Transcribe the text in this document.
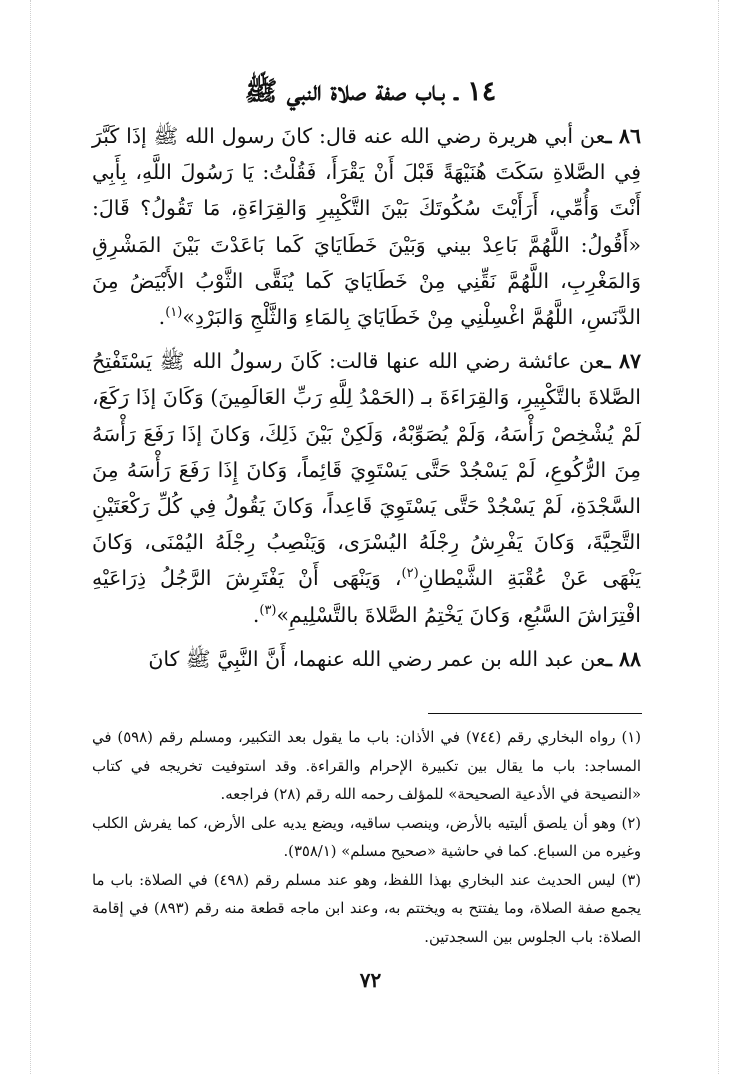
١٤ ـ بـاب صفة صلاة النبي ﷺ

٨٦ ـعن أبي هريرة رضي الله عنه قال: كانَ رسول الله ﷺ إذَا كَبَّرَ فِي الصَّلاةِ سَكَتَ هُنَيْهَةً قَبْلَ أَنْ يَقْرَأَ، فَقُلْتُ: يَا رَسُولَ اللَّهِ، بِأَبِي أَنْتَ وَأُمِّي، أَرَأَيْتَ سُكُوتَكَ بَيْنَ التَّكْبِيرِ وَالقِرَاءَةِ، مَا تَقُولُ؟ قَالَ: «أَقُولُ: اللَّهُمَّ بَاعِدْ بيني وَبَيْنَ خَطَايَايَ كَما بَاعَدْتَ بَيْنَ المَشْرِقِ وَالمَغْرِبِ، اللَّهُمَّ نَقِّنِي مِنْ خَطَايَايَ كَما يُنَقَّى الثَّوْبُ الأَبْيَضُ مِنَ الدَّنَسِ، اللَّهُمَّ اغْسِلْنِي مِنْ خَطَايَايَ بِالمَاءِ وَالثَّلْجِ وَالبَرْدِ»$^{(١)}$.

٨٧ ـعن عائشة رضي الله عنها قالت: كَانَ رسولُ الله ﷺ يَسْتَفْتِحُ الصَّلاةَ بالتَّكْبِيرِ، وَالقِرَاءَةَ بـ (الحَمْدُ لِلَّهِ رَبِّ العَالَمِينَ) وَكَانَ إذَا رَكَعَ، لَمْ يُشْخِصْ رَأْسَهُ، وَلَمْ يُصَوِّبْهُ، وَلَكِنْ بَيْنَ ذَلِكَ، وَكانَ إذَا رَفَعَ رَأْسَهُ مِنَ الرُّكُوعِ، لَمْ يَسْجُدْ حَتَّى يَسْتَوِيَ قَائِماً، وَكانَ إِذَا رَفَعَ رَأْسَهُ مِنَ السَّجْدَةِ، لَمْ يَسْجُدْ حَتَّى يَسْتَوِيَ قَاعِداً، وَكانَ يَقُولُ فِي كُلِّ رَكْعَتَيْنِ التَّحِيَّةَ، وَكانَ يَفْرِشُ رِجْلَهُ اليُسْرَى، وَيَنْصِبُ رِجْلَهُ اليُمْنَى، وَكانَ يَنْهَى عَنْ عُقْبَةِ الشَّيْطانِ$^{(٢)}$، وَيَنْهَى أَنْ يَفْتَرِشَ الرَّجُلُ ذِرَاعَيْهِ افْتِرَاشَ السَّبُعِ، وَكانَ يَخْتِمُ الصَّلاةَ بالتَّسْلِيمِ»$^{(٣)}$.

٨٨ ـعن عبد الله بن عمر رضي الله عنهما، أَنَّ النَّبِيَّ ﷺ كانَ

(١) رواه البخاري رقم (٧٤٤) في الأذان: باب ما يقول بعد التكبير، ومسلم رقم (٥٩٨) في المساجد: باب ما يقال بين تكبيرة الإحرام والقراءة. وقد استوفيت تخريجه في كتاب «النصيحة في الأدعية الصحيحة» للمؤلف رحمه الله رقم (٢٨) فراجعه.

(٢) وهو أن يلصق أليتيه بالأرض، وينصب ساقيه، ويضع يديه على الأرض، كما يفرش الكلب وغيره من السباع. كما في حاشية «صحيح مسلم» (٣٥٨/١).

(٣) ليس الحديث عند البخاري بهذا اللفظ، وهو عند مسلم رقم (٤٩٨) في الصلاة: باب ما يجمع صفة الصلاة، وما يفتتح به ويختتم به، وعند ابن ماجه قطعة منه رقم (٨٩٣) في إقامة الصلاة: باب الجلوس بين السجدتين.

٧٢
